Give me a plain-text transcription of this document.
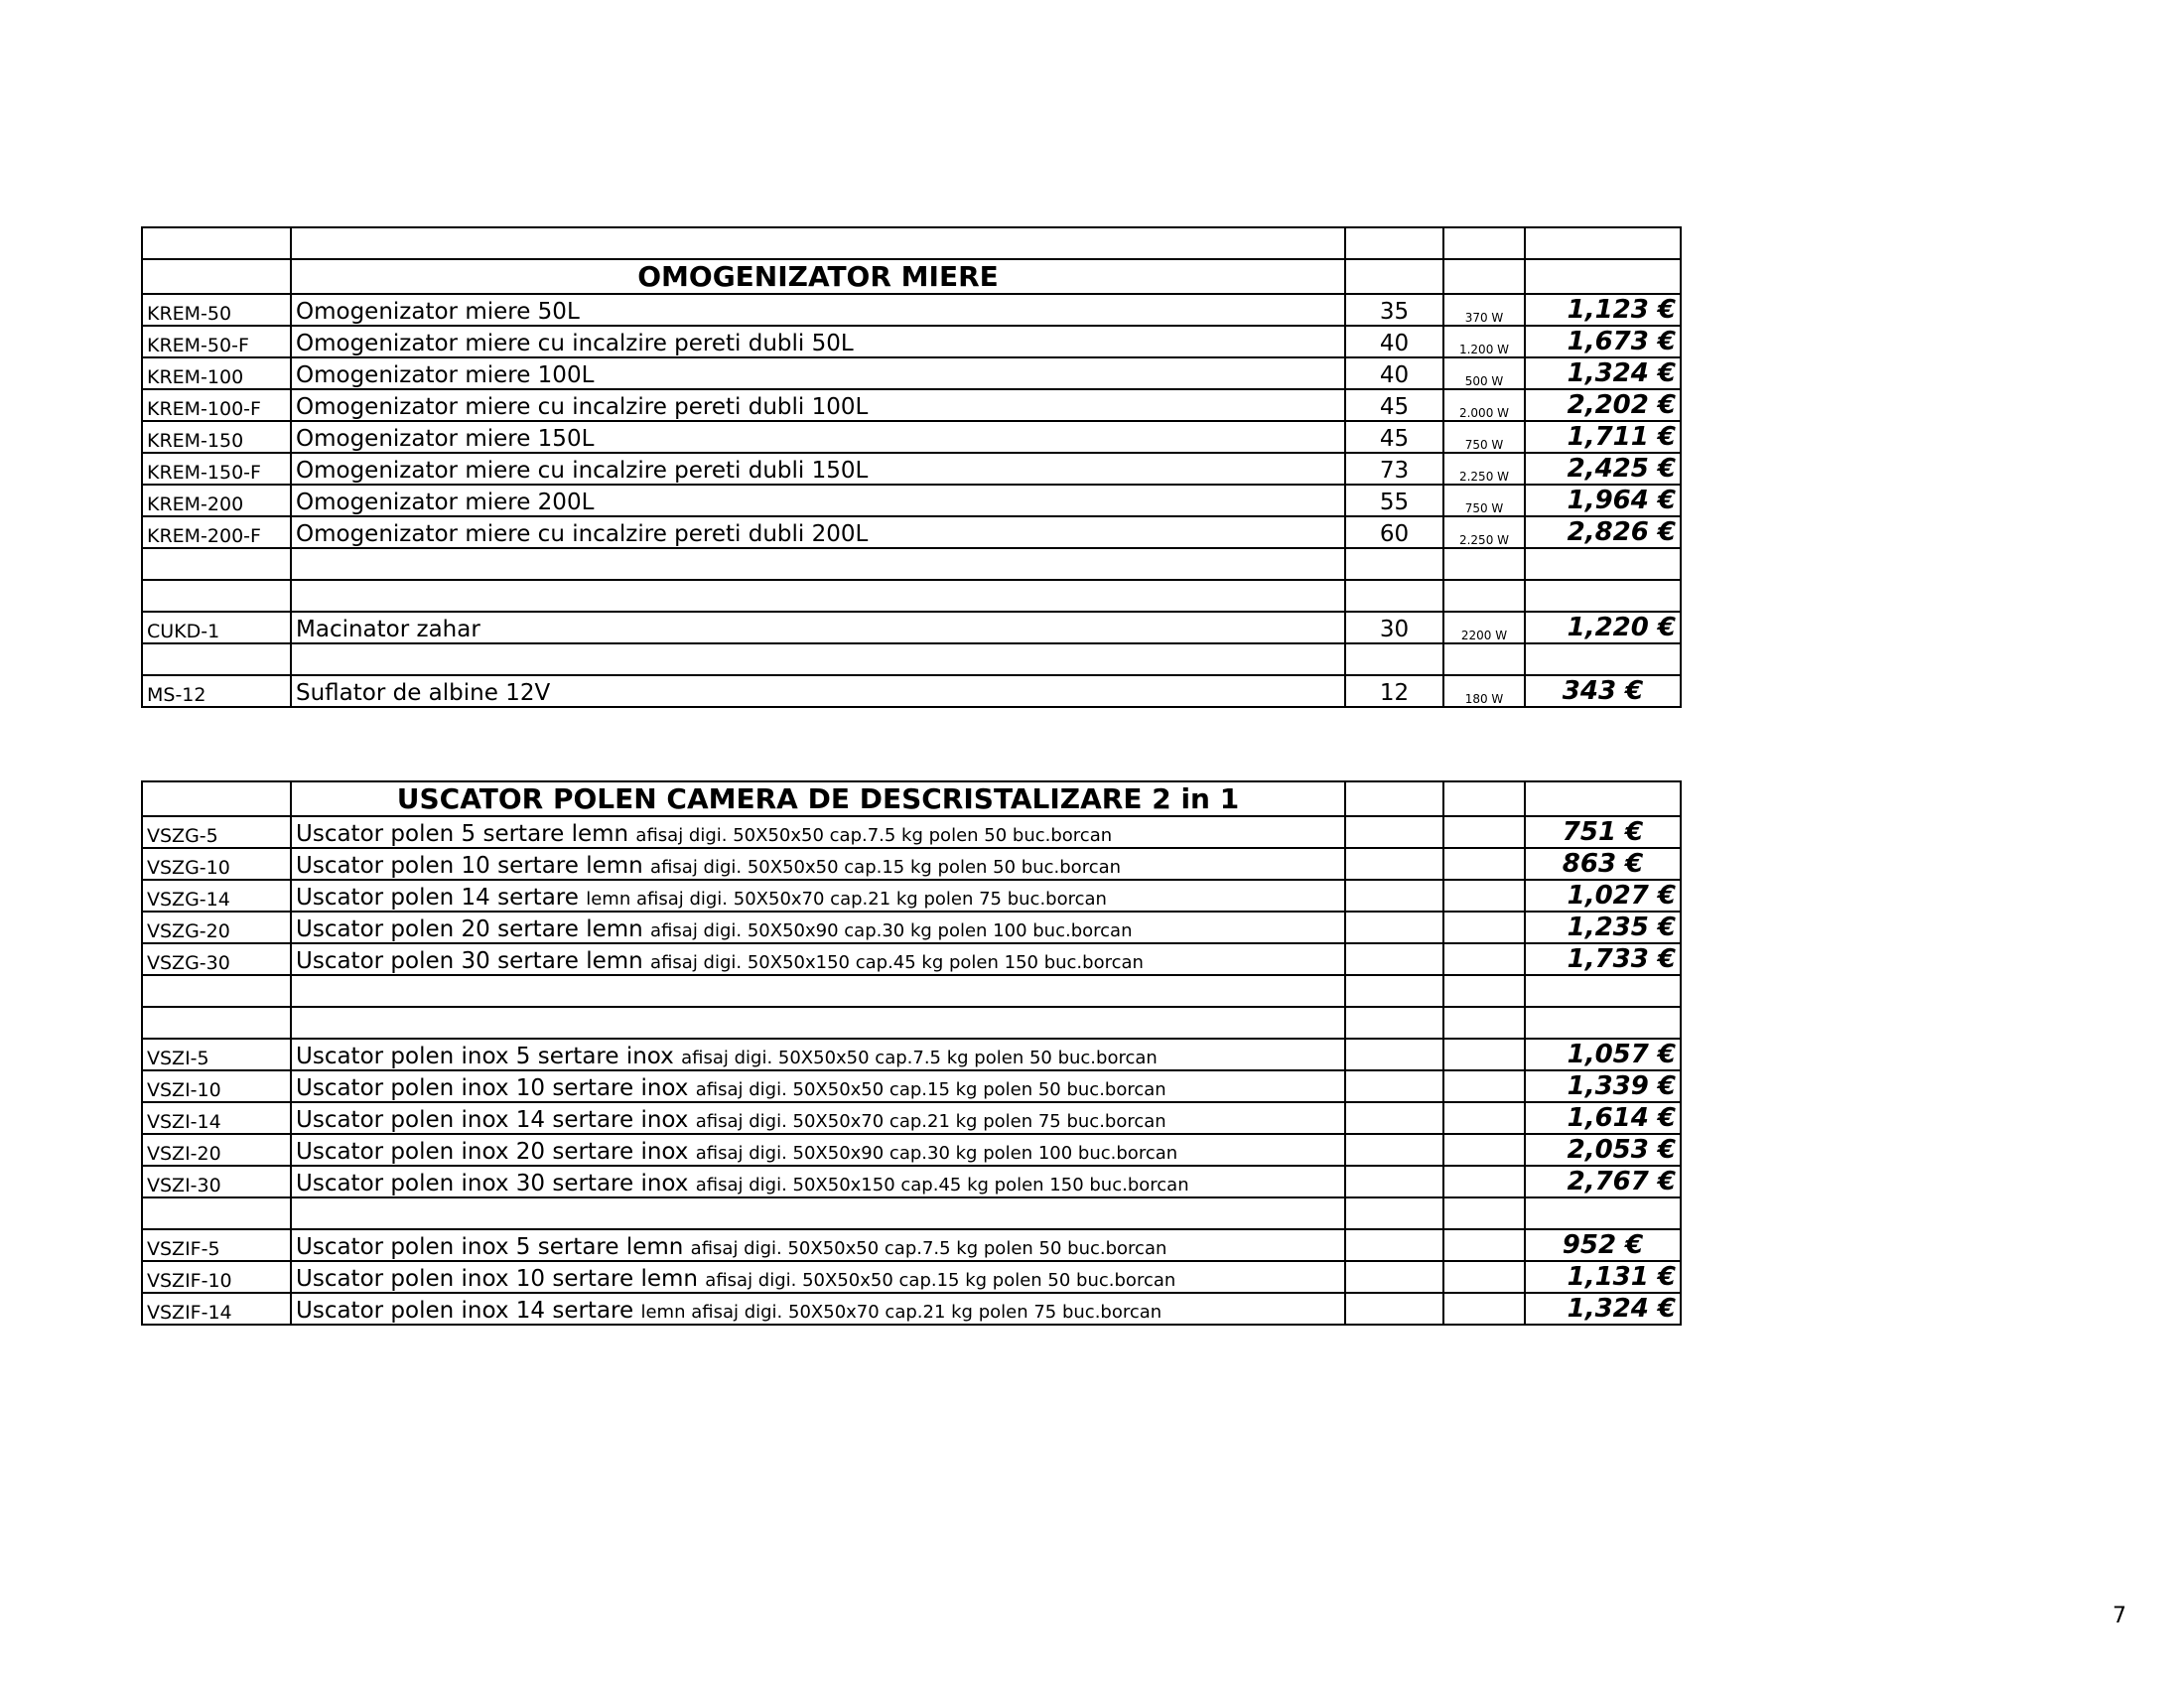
	OMOGENIZATOR MIERE			
KREM-50	Omogenizator miere 50L	35	370 W	1,123 €
KREM-50-F	Omogenizator miere cu incalzire pereti dubli 50L	40	1.200 W	1,673 €
KREM-100	Omogenizator miere 100L	40	500 W	1,324 €
KREM-100-F	Omogenizator miere cu incalzire pereti dubli 100L	45	2.000 W	2,202 €
KREM-150	Omogenizator miere 150L	45	750 W	1,711 €
KREM-150-F	Omogenizator miere cu incalzire pereti dubli 150L	73	2.250 W	2,425 €
KREM-200	Omogenizator miere 200L	55	750 W	1,964 €
KREM-200-F	Omogenizator miere cu incalzire pereti dubli 200L	60	2.250 W	2,826 €

CUKD-1	Macinator zahar	30	2200 W	1,220 €

MS-12	Suflator de albine 12V	12	180 W	343 €
	USCATOR POLEN CAMERA DE DESCRISTALIZARE 2 in 1			
VSZG-5	Uscator polen 5 sertare lemn afisaj digi. 50X50x50 cap.7.5 kg polen 50 buc.borcan			751 €
VSZG-10	Uscator polen 10 sertare lemn afisaj digi. 50X50x50 cap.15 kg polen 50 buc.borcan			863 €
VSZG-14	Uscator polen 14 sertare lemn afisaj digi. 50X50x70 cap.21 kg polen 75 buc.borcan			1,027 €
VSZG-20	Uscator polen 20 sertare lemn afisaj digi. 50X50x90 cap.30 kg polen 100 buc.borcan			1,235 €
VSZG-30	Uscator polen 30 sertare lemn afisaj digi. 50X50x150 cap.45 kg polen 150 buc.borcan			1,733 €

VSZI-5	Uscator polen inox 5 sertare inox afisaj digi. 50X50x50 cap.7.5 kg polen 50 buc.borcan			1,057 €
VSZI-10	Uscator polen inox 10 sertare inox afisaj digi. 50X50x50 cap.15 kg polen 50 buc.borcan			1,339 €
VSZI-14	Uscator polen inox 14 sertare inox afisaj digi. 50X50x70 cap.21 kg polen 75 buc.borcan			1,614 €
VSZI-20	Uscator polen inox 20 sertare inox afisaj digi. 50X50x90 cap.30 kg polen 100 buc.borcan			2,053 €
VSZI-30	Uscator polen inox 30 sertare inox afisaj digi. 50X50x150 cap.45 kg polen 150 buc.borcan			2,767 €

VSZIF-5	Uscator polen inox 5 sertare lemn afisaj digi. 50X50x50 cap.7.5 kg polen 50 buc.borcan			952 €
VSZIF-10	Uscator polen inox 10 sertare lemn afisaj digi. 50X50x50 cap.15 kg polen 50 buc.borcan			1,131 €
VSZIF-14	Uscator polen inox 14 sertare lemn afisaj digi. 50X50x70 cap.21 kg polen 75 buc.borcan			1,324 €
7
